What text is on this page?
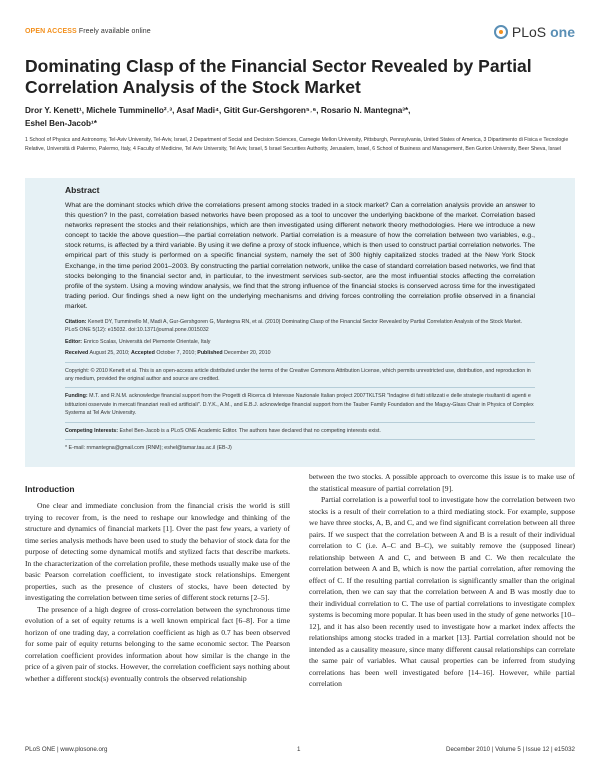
OPEN ACCESS Freely available online	PLoS one
Dominating Clasp of the Financial Sector Revealed by Partial Correlation Analysis of the Stock Market
Dror Y. Kenett¹, Michele Tumminello²˒³, Asaf Madi⁴, Gitit Gur-Gershgoren⁵˒⁶, Rosario N. Mantegna³*,
Eshel Ben-Jacob¹*

1 School of Physics and Astronomy, Tel-Aviv University, Tel-Aviv, Israel, 2 Department of Social and Decision Sciences, Carnegie Mellon University, Pittsburgh, Pennsylvania, United States of America, 3 Dipartimento di Fisica e Tecnologie Relative, Università di Palermo, Palermo, Italy, 4 Faculty of Medicine, Tel Aviv University, Tel Aviv, Israel, 5 Israel Securities Authority, Jerusalem, Israel, 6 School of Business and Management, Ben Gurion University, Beer Sheva, Israel

Abstract

What are the dominant stocks which drive the correlations present among stocks traded in a stock market? Can a correlation analysis provide an answer to this question? In the past, correlation based networks have been proposed as a tool to uncover the underlying backbone of the market. Correlation based networks represent the stocks and their relationships, which are then investigated using different network theory methodologies. Here we introduce a new concept to tackle the above question—the partial correlation network. Partial correlation is a measure of how the correlation between two variables, e.g., stock returns, is affected by a third variable. By using it we define a proxy of stock influence, which is then used to construct partial correlation networks. The empirical part of this study is performed on a specific financial system, namely the set of 300 highly capitalized stocks traded at the New York Stock Exchange, in the time period 2001–2003. By constructing the partial correlation network, unlike the case of standard correlation based networks, we find that stocks belonging to the financial sector and, in particular, to the investment services sub-sector, are the most influential stocks affecting the correlation profile of the system. Using a moving window analysis, we find that the strong influence of the financial stocks is conserved across time for the investigated trading period. Our findings shed a new light on the underlying mechanisms and driving forces controlling the correlation profile observed in a financial market.

Citation: Kenett DY, Tumminello M, Madi A, Gur-Gershgoren G, Mantegna RN, et al. (2010) Dominating Clasp of the Financial Sector Revealed by Partial Correlation Analysis of the Stock Market. PLoS ONE 5(12): e15032. doi:10.1371/journal.pone.0015032

Editor: Enrico Scalas, Università del Piemonte Orientale, Italy

Received August 25, 2010; Accepted October 7, 2010; Published December 20, 2010

Copyright: © 2010 Kenett et al. This is an open-access article distributed under the terms of the Creative Commons Attribution License, which permits unrestricted use, distribution, and reproduction in any medium, provided the original author and source are credited.

Funding: M.T. and R.N.M. acknowledge financial support from the Progetti di Ricerca di Interesse Nazionale Italian project 2007TKLTSR "Indagine di fatti stilizzati e delle strategie risultanti di agenti e istituzioni osservate in mercati finanziari reali ed artificiali". D.Y.K., A.M., and E.B.J. acknowledge financial support from the Tauber Family Foundation and the Maguy-Glass Chair in Physics of Complex Systems at Tel Aviv University.

Competing Interests: Eshel Ben-Jacob is a PLoS ONE Academic Editor. The authors have declared that no competing interests exist.

* E-mail: rnmantegna@gmail.com (RNM); eshel@tamar.tau.ac.il (EB-J)

Introduction

One clear and immediate conclusion from the financial crisis the world is still trying to recover from, is the need to reshape our knowledge and thinking of the structure and dynamics of financial markets [1]. Over the past few years, a variety of time series analysis methods have been used to study the behavior of stock data for the purpose of detecting some dynamical motifs and stylized facts that describe markets. In the characterization of the correlation profile, these methods usually make use of the basic Pearson correlation coefficient, to investigate stock relationships. Emergent properties, such as the presence of clusters of stocks, have been detected by investigating the correlation between time series of different stock returns [2–5].

The presence of a high degree of cross-correlation between the synchronous time evolution of a set of equity returns is a well known empirical fact [6–8]. For a time horizon of one trading day, a correlation coefficient as high as 0.7 has been observed for some pair of equity returns belonging to the same economic sector. The Pearson correlation coefficient provides information about how similar is the change in the price of a given pair of stocks. However, the correlation coefficient says nothing about whether a different stock(s) eventually controls the observed relationship

between the two stocks. A possible approach to overcome this issue is to make use of the statistical measure of partial correlation [9].

Partial correlation is a powerful tool to investigate how the correlation between two stocks is a result of their correlation to a third mediating stock. For example, suppose we have three stocks, A, B, and C, and we find significant correlation between all three pairs. If we suspect that the correlation between A and B is a result of their individual correlation to C (i.e. A–C and B–C), we suitably remove the (supposed linear) relationship between A and C, and between B and C. We then recalculate the correlation between A and B, which is now the partial correlation, after removing the effect of C. If the resulting partial correlation is significantly smaller than the original correlation, then we can say that the correlation between A and B was mostly due to their individual correlation to C. The use of partial correlations to investigate complex systems is becoming more popular. It has been used in the study of gene networks [10–12], and it has also been recently used to investigate how a market index affects the relationships among stocks traded in a market [13]. Partial correlation should not be intended as a causality measure, since many different causal relationships can correlate the same pair of variables. What causal properties can be inferred from studying correlations has been well investigated before [14–16]. However, while partial correlation

PLoS ONE | www.plosone.org	1	December 2010 | Volume 5 | Issue 12 | e15032
